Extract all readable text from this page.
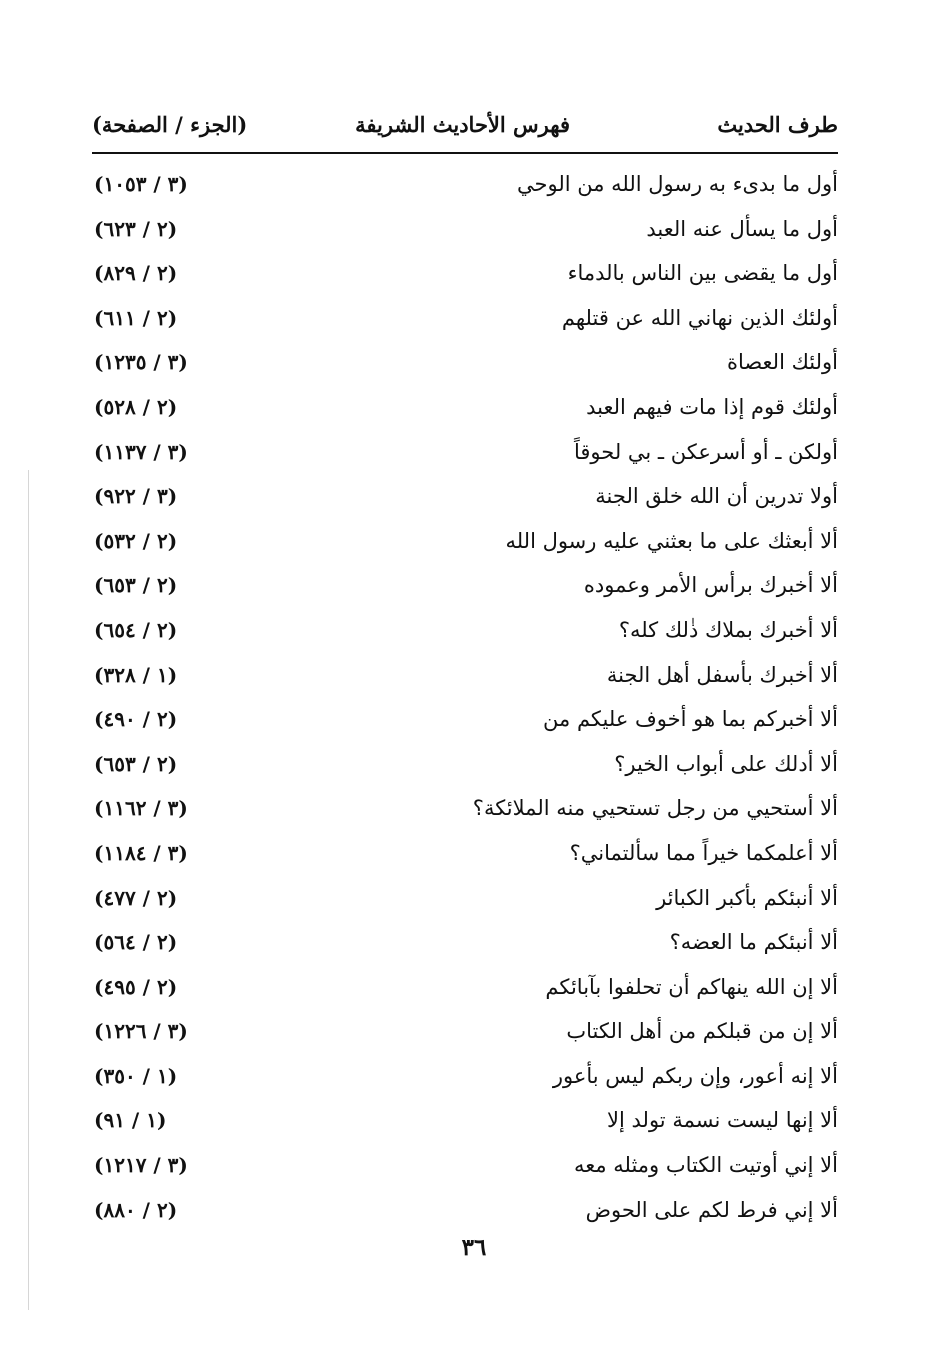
طرف الحديث
فهرس الأحاديث الشريفة
(الجزء / الصفحة)
أول ما بدىء به رسول الله من الوحي
(٣ / ١٠٥٣)
أول ما يسأل عنه العبد
(٢ / ٦٢٣)
أول ما يقضى بين الناس بالدماء
(٢ / ٨٢٩)
أولئك الذين نهاني الله عن قتلهم
(٢ / ٦١١)
أولئك العصاة
(٣ / ١٢٣٥)
أولئك قوم إذا مات فيهم العبد
(٢ / ٥٢٨)
أولكن ـ أو أسرعكن ـ بي لحوقاً
(٣ / ١١٣٧)
أولا تدرين أن الله خلق الجنة
(٣ / ٩٢٢)
ألا أبعثك على ما بعثني عليه رسول الله
(٢ / ٥٣٢)
ألا أخبرك برأس الأمر وعموده
(٢ / ٦٥٣)
ألا أخبرك بملاك ذٰلك كله؟
(٢ / ٦٥٤)
ألا أخبرك بأسفل أهل الجنة
(١ / ٣٢٨)
ألا أخبركم بما هو أخوف عليكم من
(٢ / ٤٩٠)
ألا أدلك على أبواب الخير؟
(٢ / ٦٥٣)
ألا أستحيي من رجل تستحيي منه الملائكة؟
(٣ / ١١٦٢)
ألا أعلمكما خيراً مما سألتماني؟
(٣ / ١١٨٤)
ألا أنبئكم بأكبر الكبائر
(٢ / ٤٧٧)
ألا أنبئكم ما العضه؟
(٢ / ٥٦٤)
ألا إن الله ينهاكم أن تحلفوا بآبائكم
(٢ / ٤٩٥)
ألا إن من قبلكم من أهل الكتاب
(٣ / ١٢٢٦)
ألا إنه أعور، وإن ربكم ليس بأعور
(١ / ٣٥٠)
ألا إنها ليست نسمة تولد إلا
(١ / ٩١)
ألا إني أوتيت الكتاب ومثله معه
(٣ / ١٢١٧)
ألا إني فرط لكم على الحوض
(٢ / ٨٨٠)
٣٦
